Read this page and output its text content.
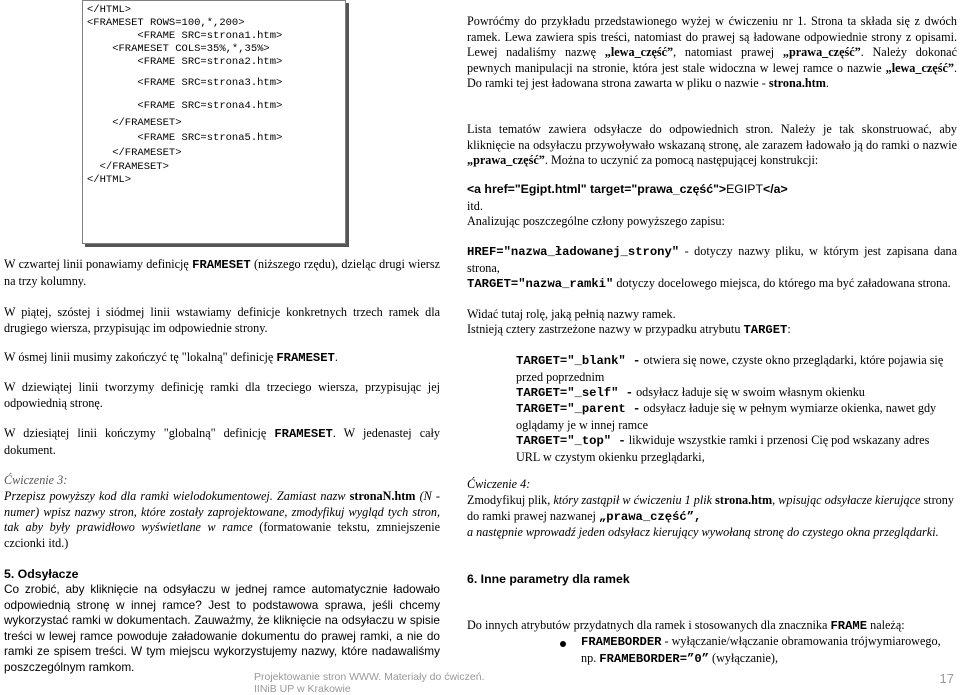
</HTML>
<FRAMESET ROWS=100,*,200>
<FRAME SRC=strona1.htm>
<FRAMESET COLS=35%,*,35%>
<FRAME SRC=strona2.htm>
<FRAME SRC=strona3.htm>
<FRAME SRC=strona4.htm>
</FRAMESET>
<FRAME SRC=strona5.htm>
</FRAMESET>
</FRAMESET>
</HTML>

W czwartej linii ponawiamy definicję FRAMESET (niższego rzędu), dzieląc drugi wiersz na trzy kolumny.

W piątej, szóstej i siódmej linii wstawiamy definicje konkretnych trzech ramek dla drugiego wiersza, przypisując im odpowiednie strony.

W ósmej linii musimy zakończyć tę "lokalną" definicję FRAMESET.

W dziewiątej linii tworzymy definicję ramki dla trzeciego wiersza, przypisując jej odpowiednią stronę.

W dziesiątej linii kończymy "globalną" definicję FRAMESET. W jedenastej cały dokument.

Ćwiczenie 3:

Przepisz powyższy kod dla ramki wielodokumentowej. Zamiast nazw stronaN.htm (N - numer) wpisz nazwy stron, które zostały zaprojektowane, zmodyfikuj wygląd tych stron, tak aby były prawidłowo wyświetlane w ramce (formatowanie tekstu, zmniejszenie czcionki itd.)

5. Odsyłacze

Co zrobić, aby kliknięcie na odsyłaczu w jednej ramce automatycznie ładowało odpowiednią stronę w innej ramce? Jest to podstawowa sprawa, jeśli chcemy wykorzystać ramki w dokumentach. Zauważmy, że kliknięcie na odsyłaczu w spisie treści w lewej ramce powoduje załadowanie dokumentu do prawej ramki, a nie do ramki ze spisem treści. W tym miejscu wykorzystujemy nazwy, które nadawaliśmy poszczególnym ramkom.

Powróćmy do przykładu przedstawionego wyżej w ćwiczeniu nr 1. Strona ta składa się z dwóch ramek. Lewa zawiera spis treści, natomiast do prawej są ładowane odpowiednie strony z opisami. Lewej nadaliśmy nazwę „lewa_część”, natomiast prawej „prawa_część”. Należy dokonać pewnych manipulacji na stronie, która jest stale widoczna w lewej ramce o nazwie „lewa_część”. Do ramki tej jest ładowana strona zawarta w pliku o nazwie - strona.htm.

Lista tematów zawiera odsyłacze do odpowiednich stron. Należy je tak skonstruować, aby kliknięcie na odsyłaczu przywoływało wskazaną stronę, ale zarazem ładowało ją do ramki o nazwie „prawa_część”. Można to uczynić za pomocą następującej konstrukcji:

<a href="Egipt.html" target="prawa_część">EGIPT</a>

itd.

Analizując poszczególne człony powyższego zapisu:

HREF="nazwa_ładowanej_strony" - dotyczy nazwy pliku, w którym jest zapisana dana strona,

TARGET="nazwa_ramki" dotyczy docelowego miejsca, do którego ma być załadowana strona.

Widać tutaj rolę, jaką pełnią nazwy ramek.

Istnieją cztery zastrzeżone nazwy w przypadku atrybutu TARGET:

TARGET="_blank" - otwiera się nowe, czyste okno przeglądarki, które pojawia się przed poprzednim

TARGET="_self" - odsyłacz ładuje się w swoim własnym okienku

TARGET="_parent - odsyłacz ładuje się w pełnym wymiarze okienka, nawet gdy oglądamy je w innej ramce

TARGET="_top" - likwiduje wszystkie ramki i przenosi Cię pod wskazany adres URL w czystym okienku przeglądarki,

Ćwiczenie 4:

Zmodyfikuj plik, który zastąpił w ćwiczeniu 1 plik strona.htm, wpisując odsyłacze kierujące strony do ramki prawej nazwanej „prawa_część”,
a następnie wprowadź jeden odsyłacz kierujący wywołaną stronę do czystego okna przeglądarki.

6. Inne parametry dla ramek

Do innych atrybutów przydatnych dla ramek i stosowanych dla znacznika FRAME należą:

FRAMEBORDER - wyłączanie/włączanie obramowania trójwymiarowego, np. FRAMEBORDER=”0” (wyłączanie),

Projektowanie stron WWW. Materiały do ćwiczeń.
IINiB UP w Krakowie
17
